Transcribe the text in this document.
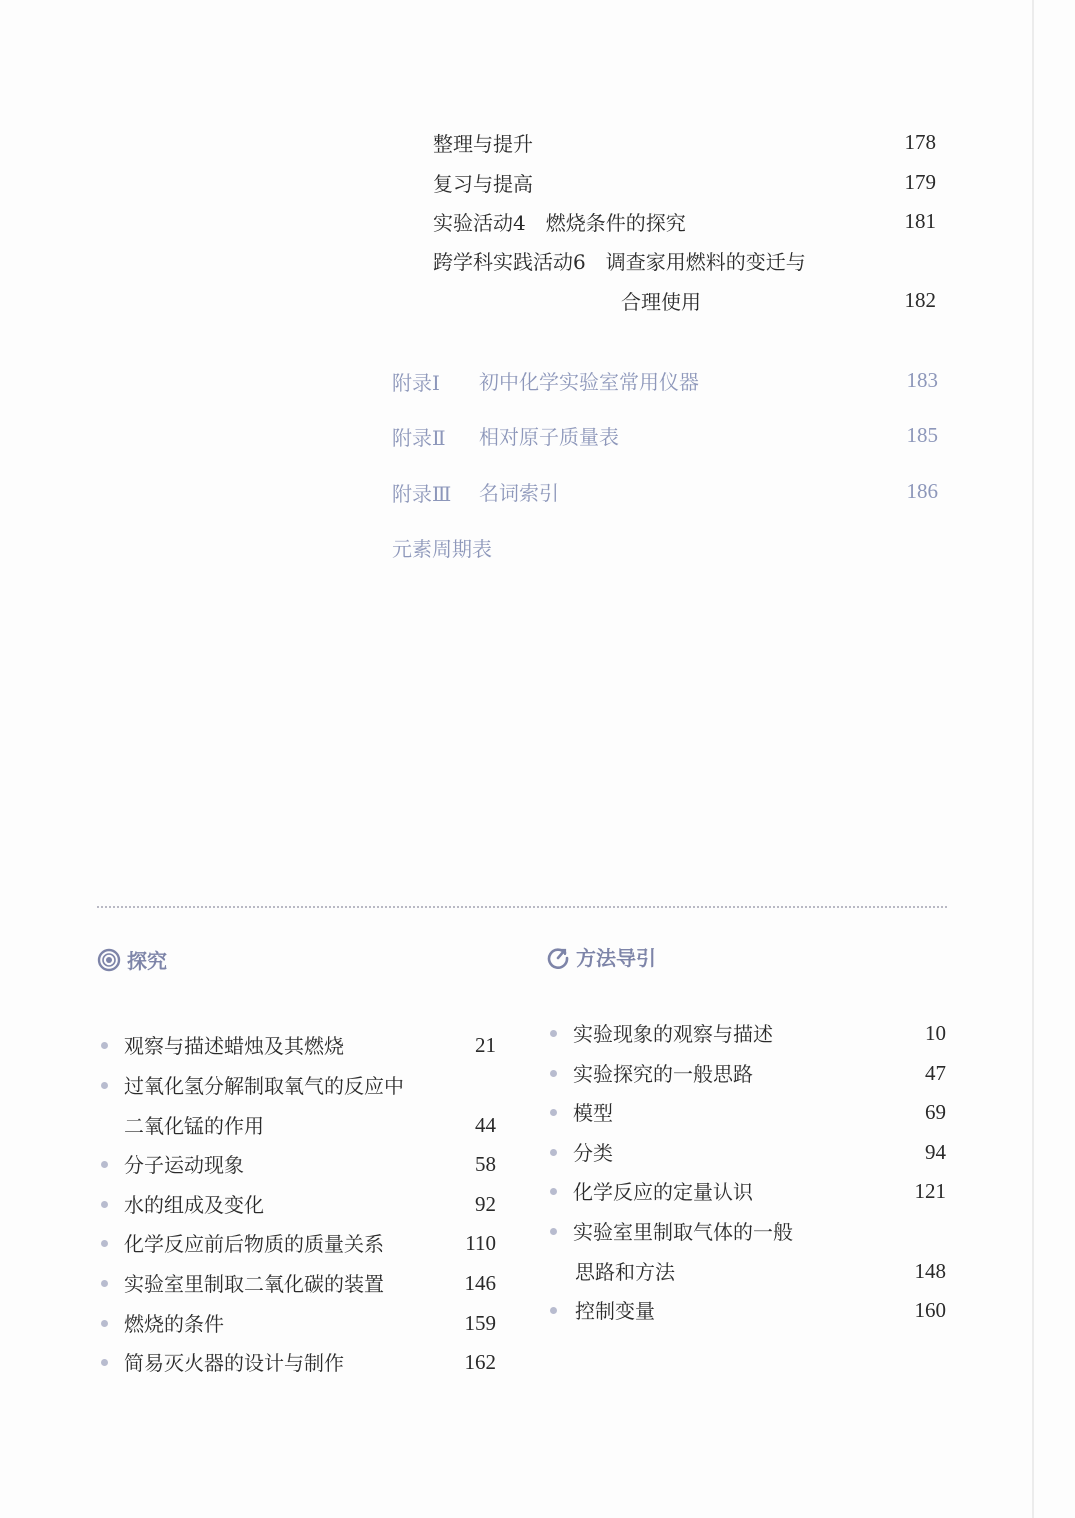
整理与提升	178
复习与提高	179
实验活动4　燃烧条件的探究	181
跨学科实践活动6　调查家用燃料的变迁与
合理使用	182
附录Ⅰ 初中化学实验室常用仪器	183
附录Ⅱ 相对原子质量表	185
附录Ⅲ 名词索引	186
元素周期表
探究
观察与描述蜡烛及其燃烧	21
过氧化氢分解制取氧气的反应中
二氧化锰的作用	44
分子运动现象	58
水的组成及变化	92
化学反应前后物质的质量关系	110
实验室里制取二氧化碳的装置	146
燃烧的条件	159
简易灭火器的设计与制作	162
方法导引
实验现象的观察与描述	10
实验探究的一般思路	47
模型	69
分类	94
化学反应的定量认识	121
实验室里制取气体的一般
思路和方法	148
控制变量	160
